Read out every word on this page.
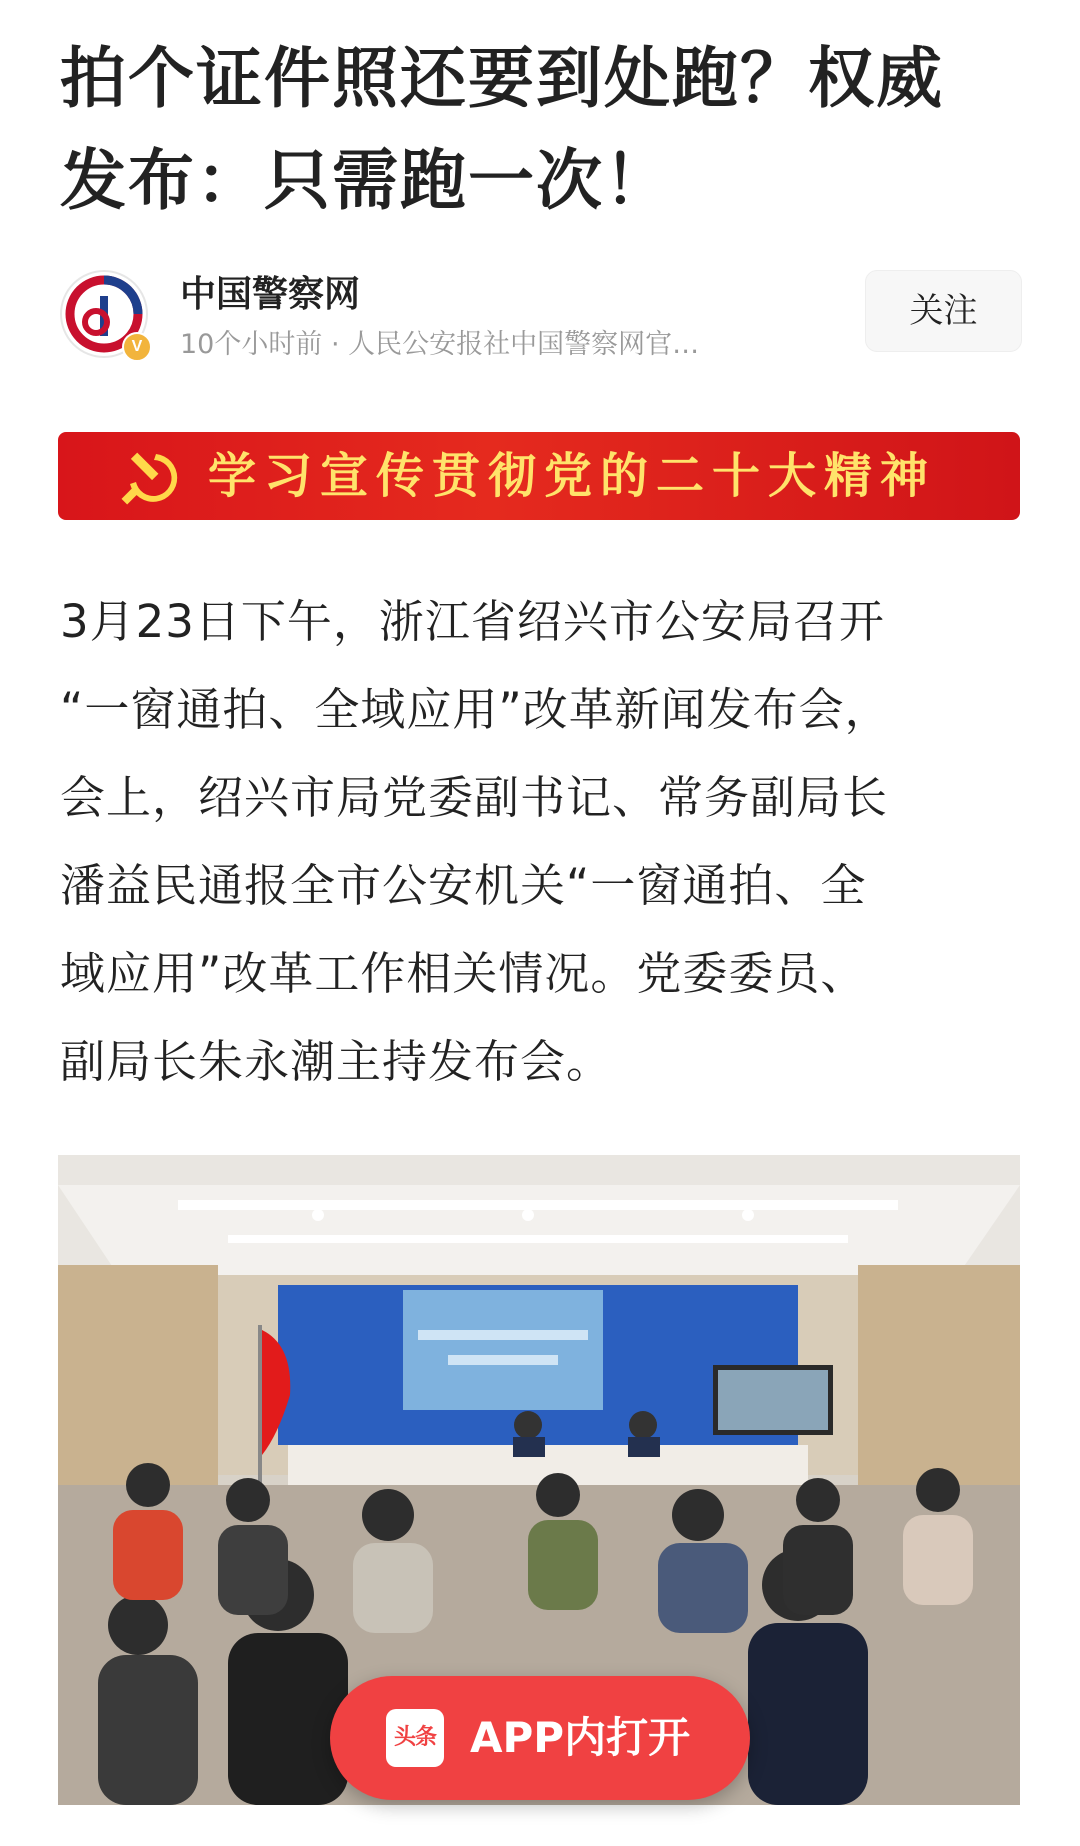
拍个证件照还要到处跑？权威
发布：只需跑一次！
V
中国警察网
10个小时前 · 人民公安报社中国警察网官…
关注
学习宣传贯彻党的二十大精神
3月23日下午，浙江省绍兴市公安局召开
“一窗通拍、全域应用”改革新闻发布会，
会上，绍兴市局党委副书记、常务副局长
潘益民通报全市公安机关“一窗通拍、全
域应用”改革工作相关情况。党委委员、
副局长朱永潮主持发布会。
头条 APP内打开
